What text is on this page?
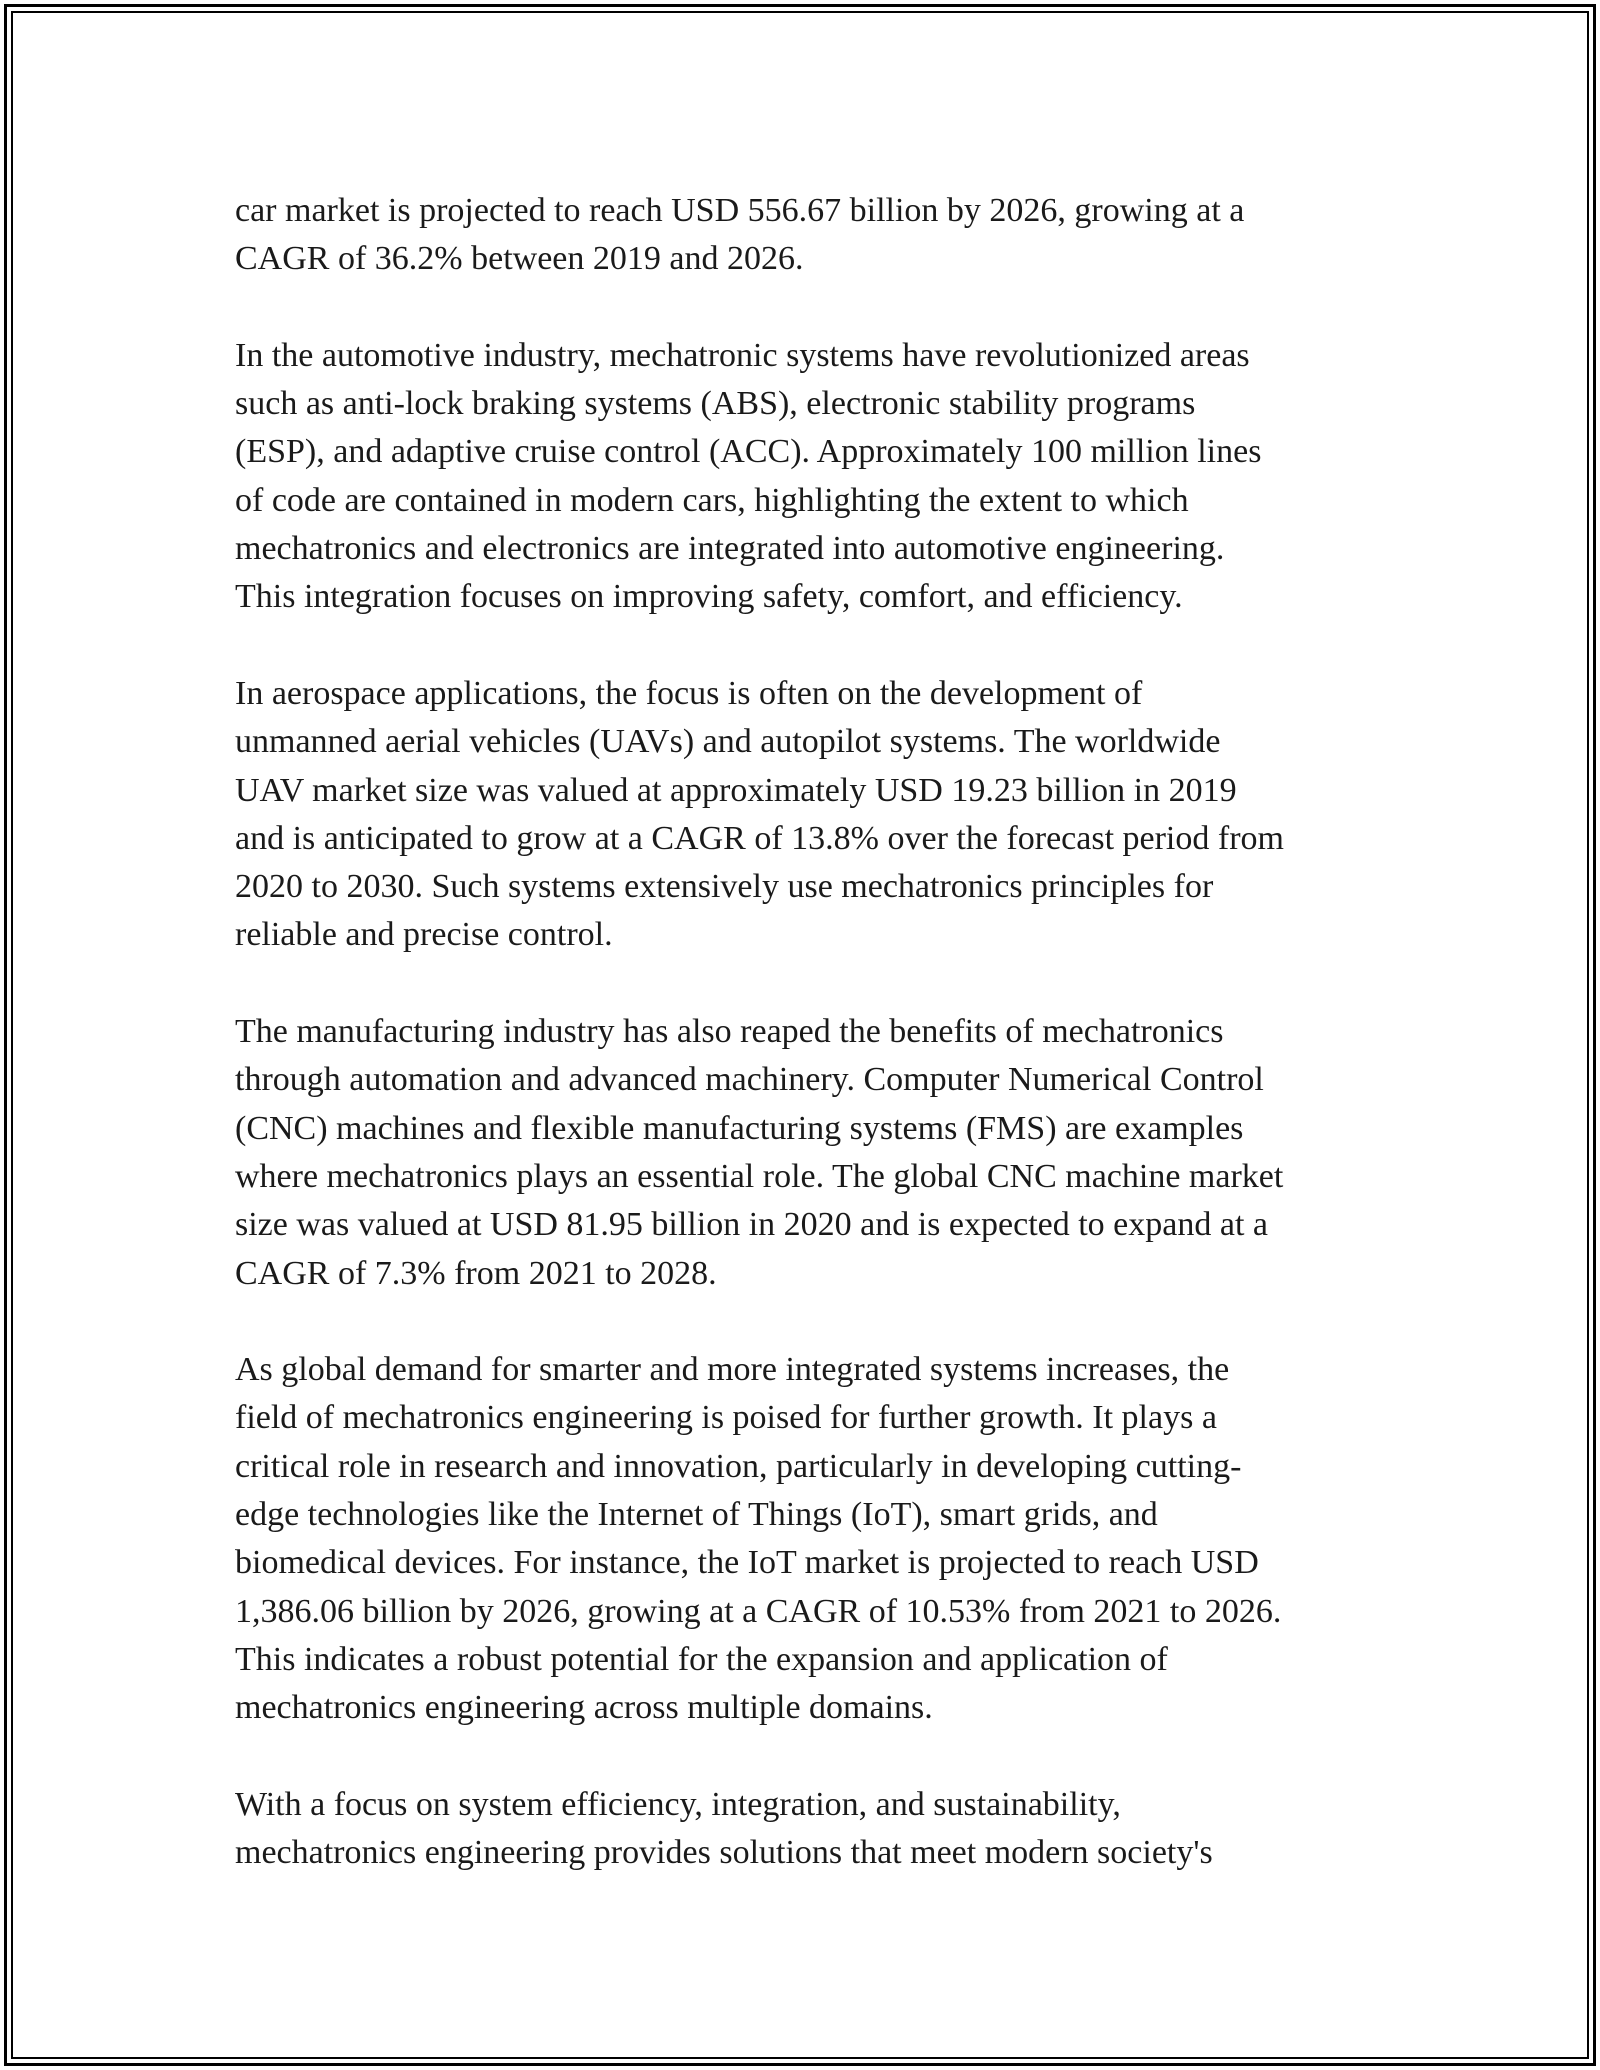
car market is projected to reach USD 556.67 billion by 2026, growing at a
CAGR of 36.2% between 2019 and 2026.

In the automotive industry, mechatronic systems have revolutionized areas
such as anti-lock braking systems (ABS), electronic stability programs
(ESP), and adaptive cruise control (ACC). Approximately 100 million lines
of code are contained in modern cars, highlighting the extent to which
mechatronics and electronics are integrated into automotive engineering.
This integration focuses on improving safety, comfort, and efficiency.

In aerospace applications, the focus is often on the development of
unmanned aerial vehicles (UAVs) and autopilot systems. The worldwide
UAV market size was valued at approximately USD 19.23 billion in 2019
and is anticipated to grow at a CAGR of 13.8% over the forecast period from
2020 to 2030. Such systems extensively use mechatronics principles for
reliable and precise control.

The manufacturing industry has also reaped the benefits of mechatronics
through automation and advanced machinery. Computer Numerical Control
(CNC) machines and flexible manufacturing systems (FMS) are examples
where mechatronics plays an essential role. The global CNC machine market
size was valued at USD 81.95 billion in 2020 and is expected to expand at a
CAGR of 7.3% from 2021 to 2028.

As global demand for smarter and more integrated systems increases, the
field of mechatronics engineering is poised for further growth. It plays a
critical role in research and innovation, particularly in developing cutting-
edge technologies like the Internet of Things (IoT), smart grids, and
biomedical devices. For instance, the IoT market is projected to reach USD
1,386.06 billion by 2026, growing at a CAGR of 10.53% from 2021 to 2026.
This indicates a robust potential for the expansion and application of
mechatronics engineering across multiple domains.

With a focus on system efficiency, integration, and sustainability,
mechatronics engineering provides solutions that meet modern society's
